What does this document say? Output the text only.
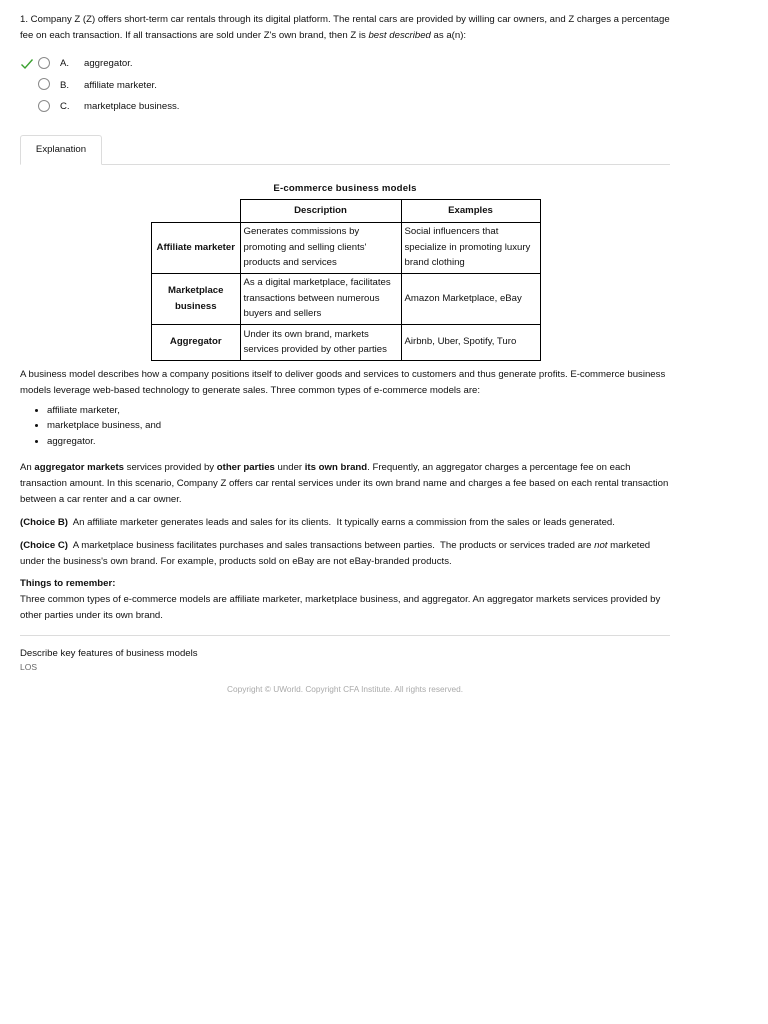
1. Company Z (Z) offers short-term car rentals through its digital platform. The rental cars are provided by willing car owners, and Z charges a percentage fee on each transaction. If all transactions are sold under Z's own brand, then Z is best described as a(n):

A. aggregator.
B. affiliate marketer.
C. marketplace business.
Explanation
E-commerce business models
	Description	Examples
Affiliate marketer	Generates commissions by promoting and selling clients' products and services	Social influencers that specialize in promoting luxury brand clothing
Marketplace business	As a digital marketplace, facilitates transactions between numerous buyers and sellers	Amazon Marketplace, eBay
Aggregator	Under its own brand, markets services provided by other parties	Airbnb, Uber, Spotify, Turo

A business model describes how a company positions itself to deliver goods and services to customers and thus generate profits. E-commerce business models leverage web-based technology to generate sales. Three common types of e-commerce models are:

• affiliate marketer,
• marketplace business, and
• aggregator.

An aggregator markets services provided by other parties under its own brand. Frequently, an aggregator charges a percentage fee on each transaction amount. In this scenario, Company Z offers car rental services under its own brand name and charges a fee based on each rental transaction between a car renter and a car owner.

(Choice B)  An affiliate marketer generates leads and sales for its clients.  It typically earns a commission from the sales or leads generated.

(Choice C)  A marketplace business facilitates purchases and sales transactions between parties.  The products or services traded are not marketed under the business's own brand. For example, products sold on eBay are not eBay-branded products.

Things to remember:
Three common types of e-commerce models are affiliate marketer, marketplace business, and aggregator. An aggregator markets services provided by other parties under its own brand.

Describe key features of business models
LOS
Copyright © UWorld. Copyright CFA Institute. All rights reserved.
